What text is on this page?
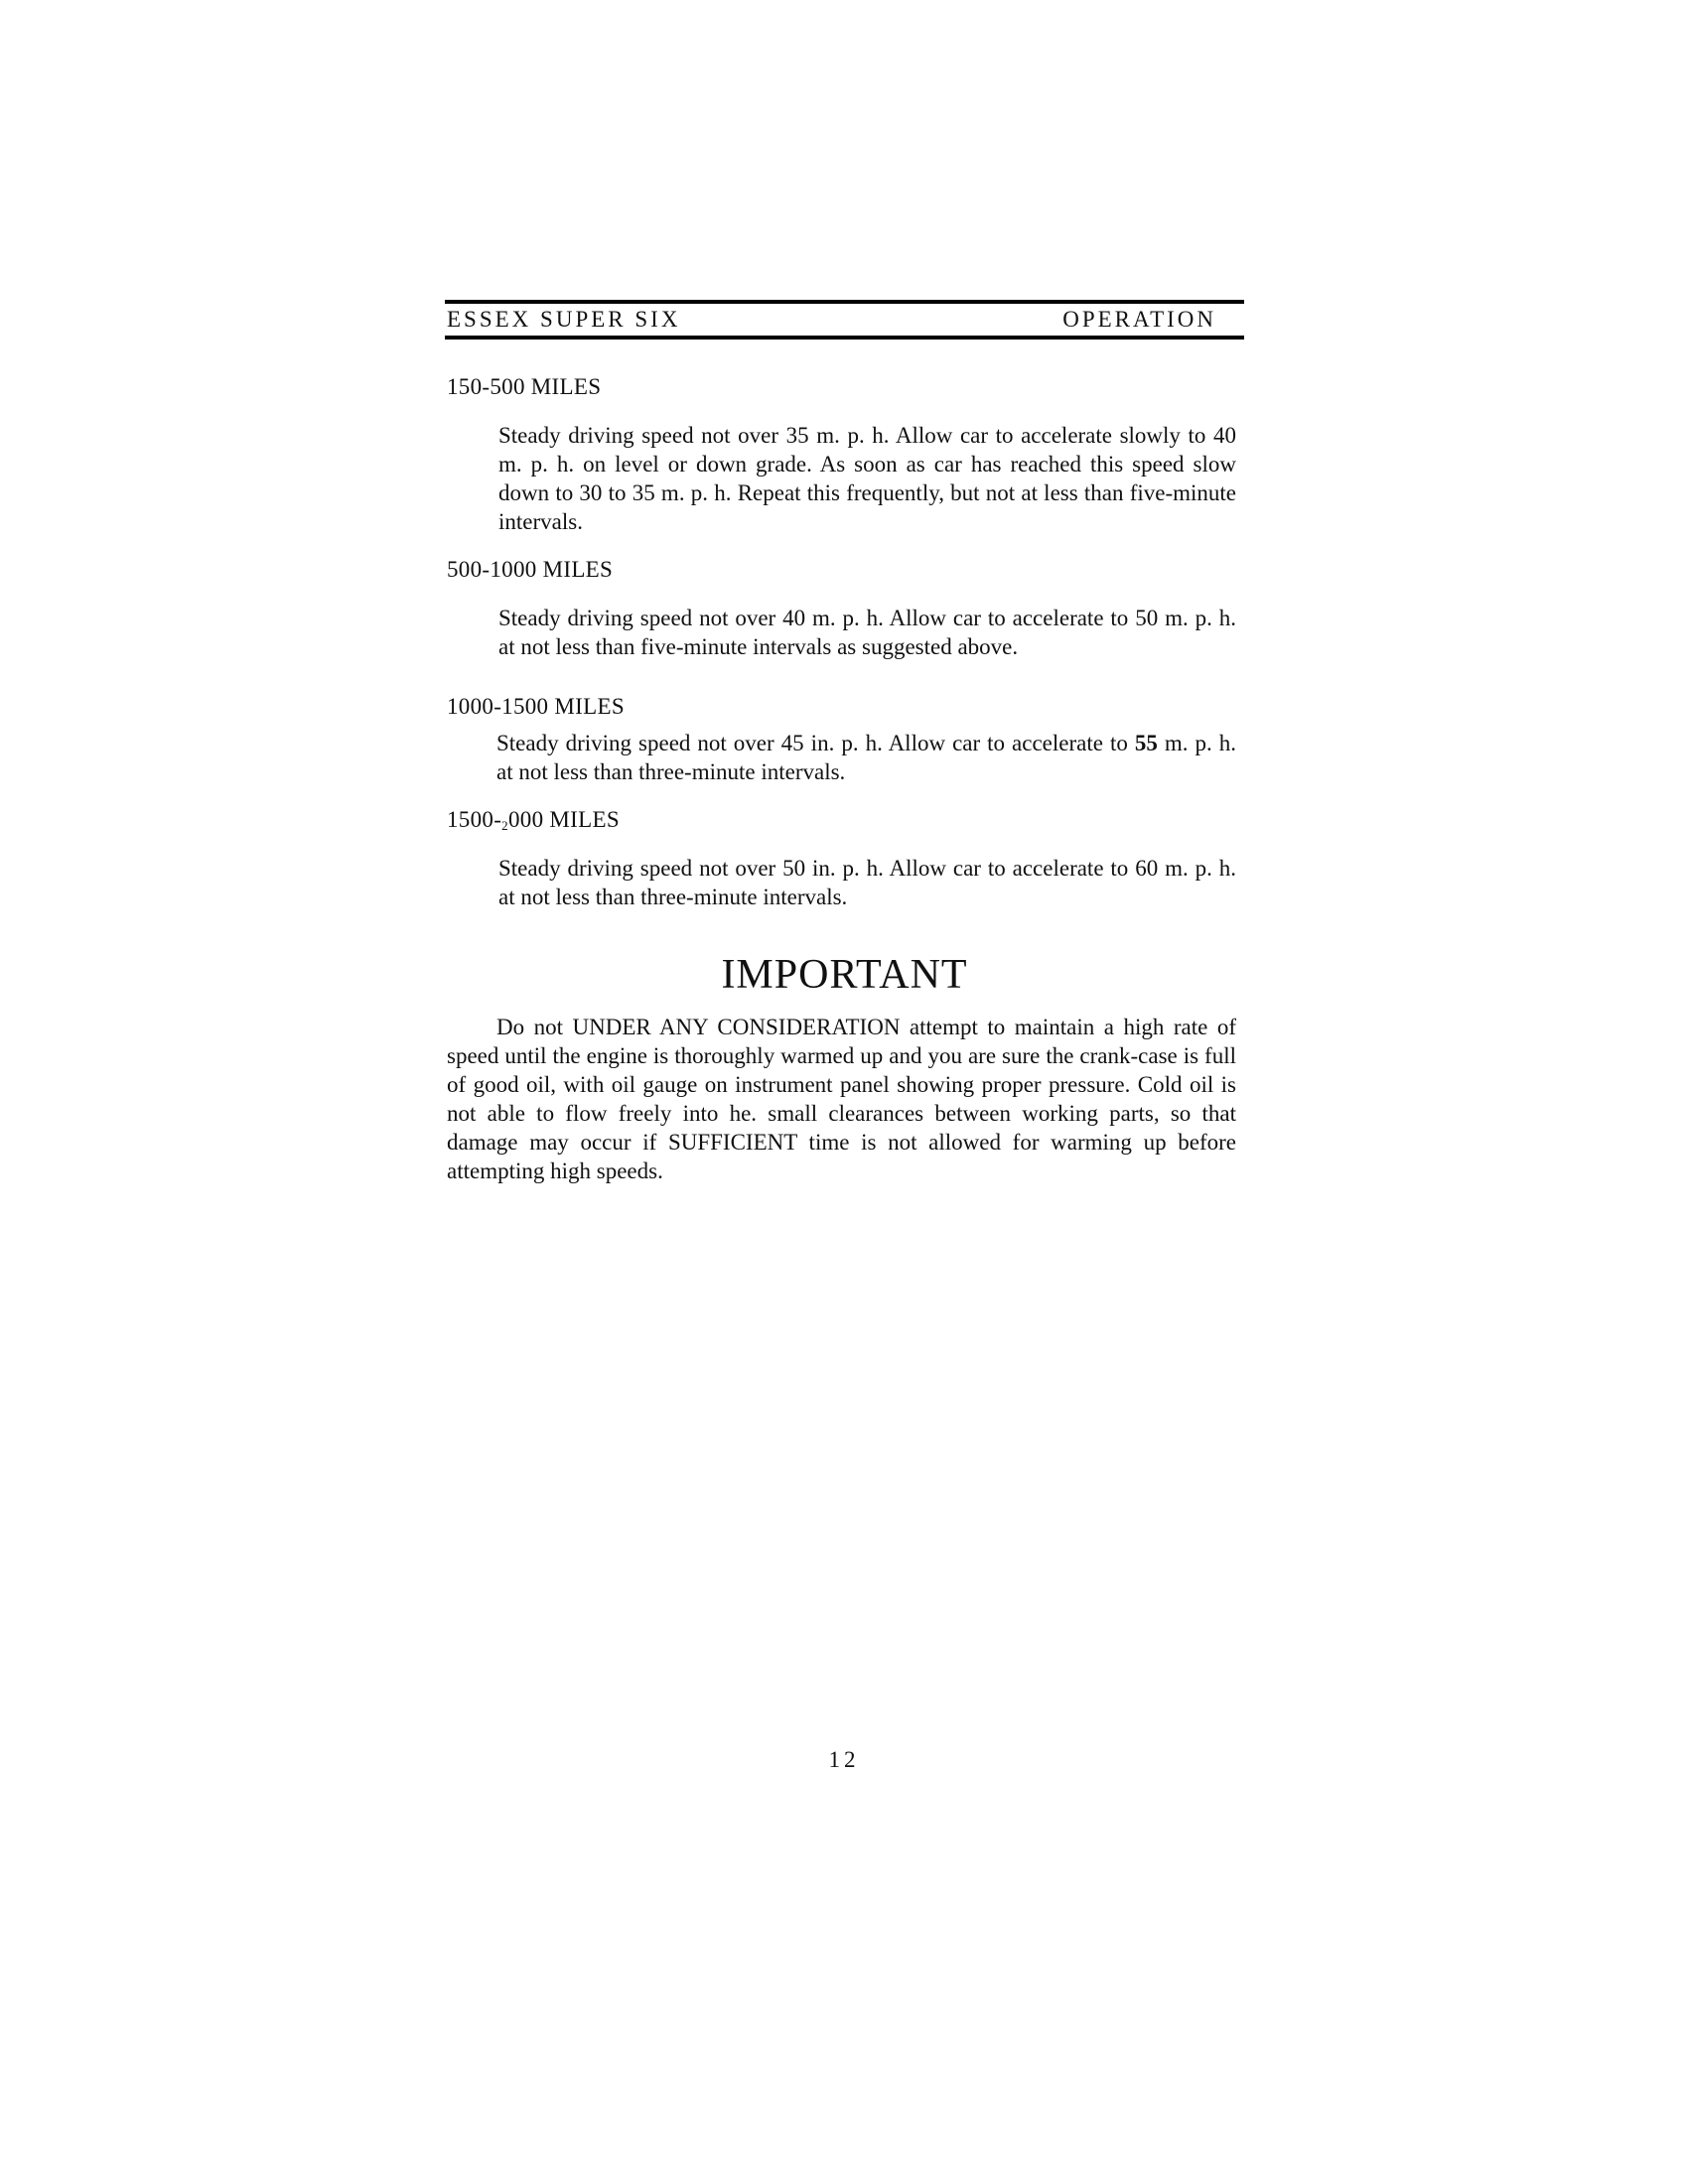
ESSEX SUPER SIX	OPERATION
150-500 MILES
Steady driving speed not over 35 m. p. h. Allow car to accelerate slowly to 40 m. p. h. on level or down grade. As soon as car has reached this speed slow down to 30 to 35 m. p. h. Repeat this frequently, but not at less than five-minute intervals.
500-1000 MILES
Steady driving speed not over 40 m. p. h. Allow car to accelerate to 50 m. p. h. at not less than five-minute intervals as suggested above.
1000-1500 MILES
Steady driving speed not over 45 in. p. h. Allow car to accelerate to 55 m. p. h. at not less than three-minute intervals.
$1500-_2000$ MILES
Steady driving speed not over 50 in. p. h. Allow car to accelerate to 60 m. p. h. at not less than three-minute intervals.
IMPORTANT
Do not UNDER ANY CONSIDERATION attempt to maintain a high rate of speed until the engine is thoroughly warmed up and you are sure the crank-case is full of good oil, with oil gauge on instrument panel showing proper pressure. Cold oil is not able to flow freely into he. small clearances between working parts, so that damage may occur if SUFFICIENT time is not allowed for warming up before attempting high speeds.
12
